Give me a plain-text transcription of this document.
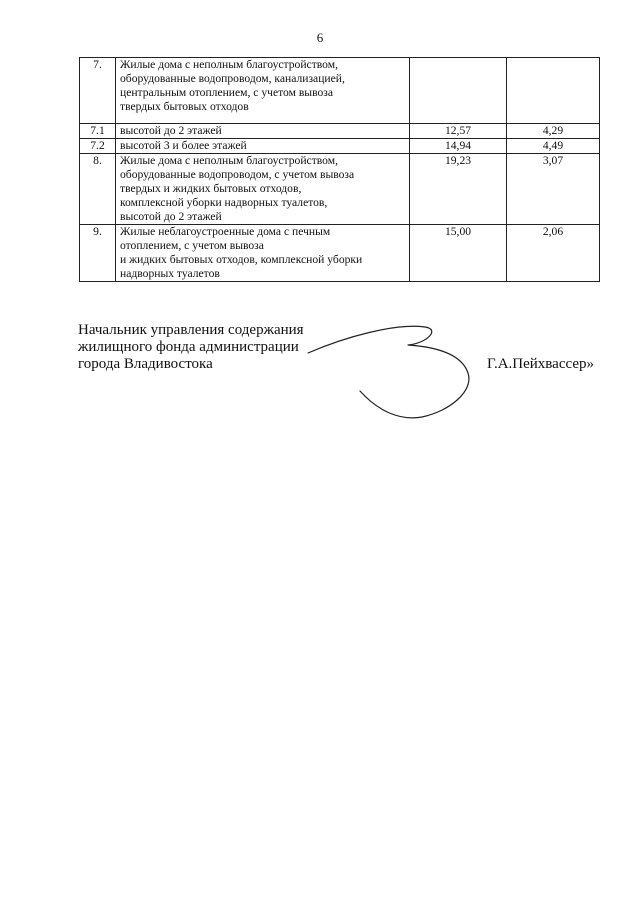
6
7.	Жилые дома с неполным благоустройством,
оборудованные водопроводом, канализацией,
центральным отоплением, с учетом вывоза
твердых бытовых отходов		
7.1	высотой до 2 этажей	12,57	4,29
7.2	высотой 3 и более этажей	14,94	4,49
8.	Жилые дома с неполным благоустройством,
оборудованные водопроводом, с учетом вывоза
твердых и жидких бытовых отходов,
комплексной уборки надворных туалетов,
высотой до 2 этажей	19,23	3,07
9.	Жилые неблагоустроенные дома с печным
отоплением, с учетом вывоза
и жидких бытовых отходов, комплексной уборки
надворных туалетов	15,00	2,06
Начальник управления содержания
жилищного фонда администрации
города Владивостока	Г.А.Пейхвассер»
